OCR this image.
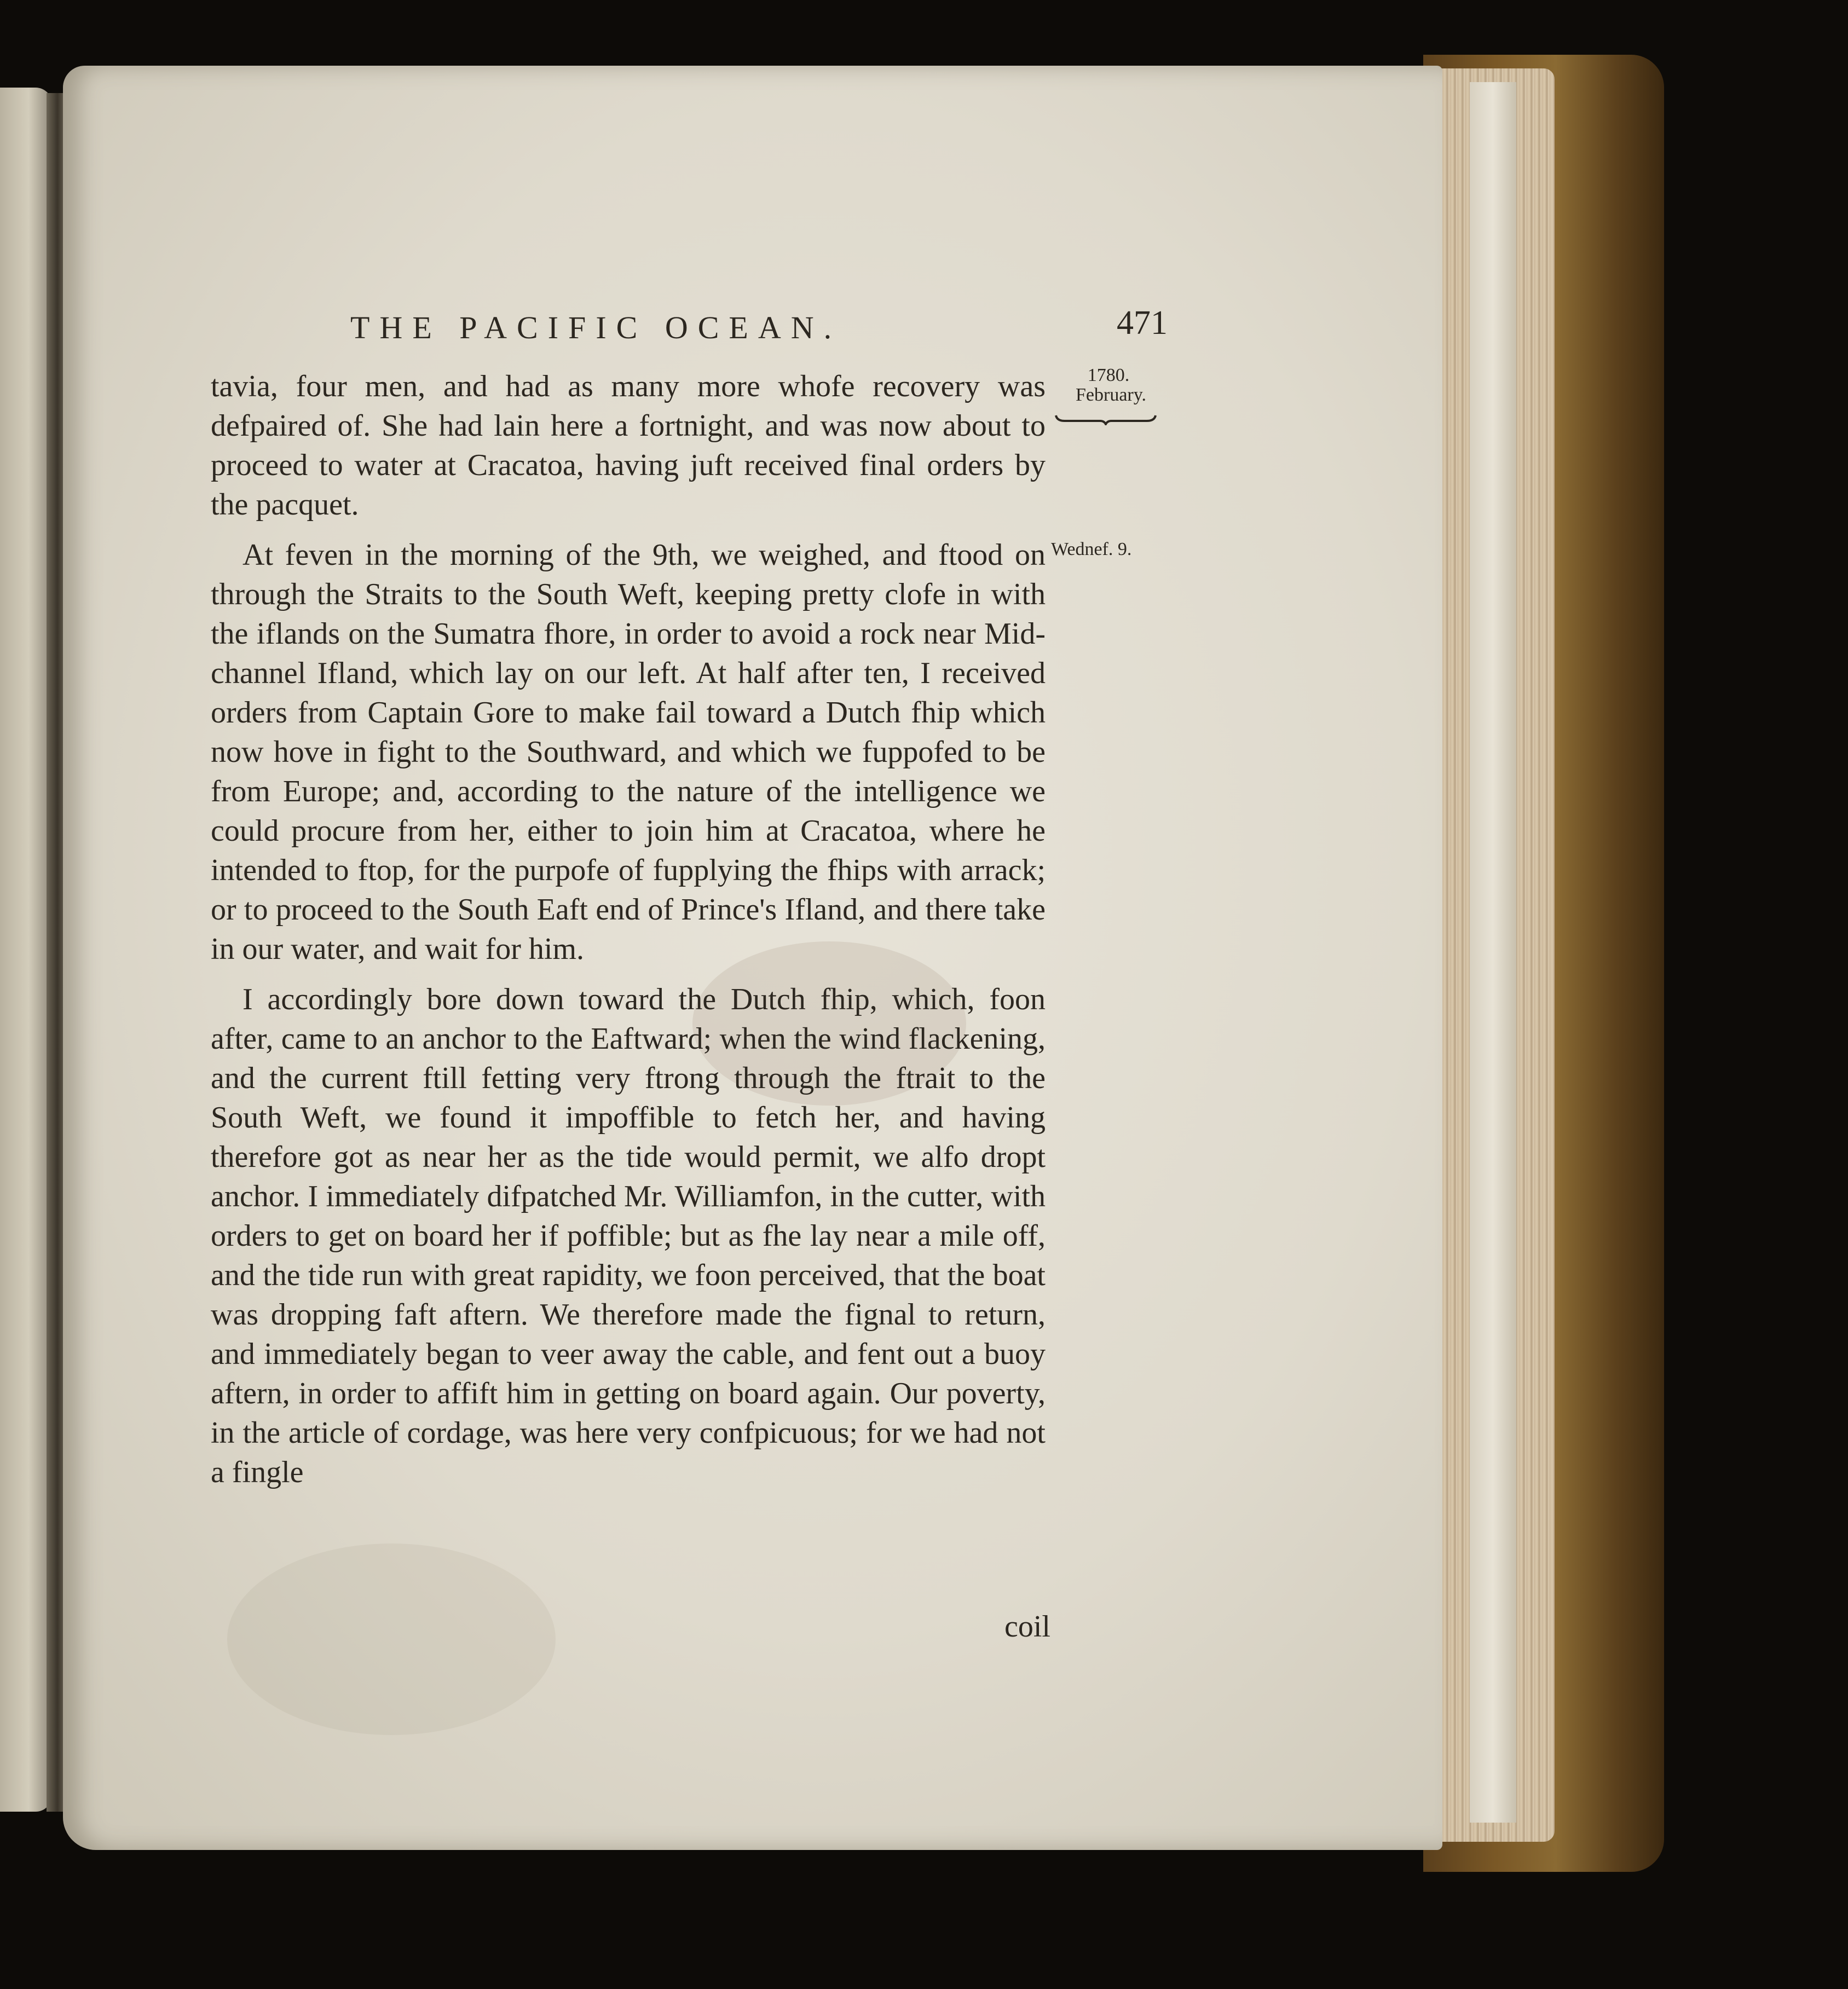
THE PACIFIC OCEAN.	471
1780.
February.
Wednef. 9.

tavia, four men, and had as many more whofe recovery was defpaired of. She had lain here a fortnight, and was now about to proceed to water at Cracatoa, having juft received final orders by the pacquet.

At feven in the morning of the 9th, we weighed, and ftood on through the Straits to the South Weft, keeping pretty clofe in with the iflands on the Sumatra fhore, in order to avoid a rock near Mid-channel Ifland, which lay on our left. At half after ten, I received orders from Captain Gore to make fail toward a Dutch fhip which now hove in fight to the Southward, and which we fuppofed to be from Europe; and, according to the nature of the intelligence we could procure from her, either to join him at Cracatoa, where he intended to ftop, for the purpofe of fupplying the fhips with arrack; or to proceed to the South Eaft end of Prince's Ifland, and there take in our water, and wait for him.

I accordingly bore down toward the Dutch fhip, which, foon after, came to an anchor to the Eaftward; when the wind flackening, and the current ftill fetting very ftrong through the ftrait to the South Weft, we found it impoffible to fetch her, and having therefore got as near her as the tide would permit, we alfo dropt anchor. I immediately difpatched Mr. Williamfon, in the cutter, with orders to get on board her if poffible; but as fhe lay near a mile off, and the tide run with great rapidity, we foon perceived, that the boat was dropping faft aftern. We therefore made the fignal to return, and immediately began to veer away the cable, and fent out a buoy aftern, in order to affift him in getting on board again. Our poverty, in the article of cordage, was here very confpicuous; for we had not a fingle

coil
